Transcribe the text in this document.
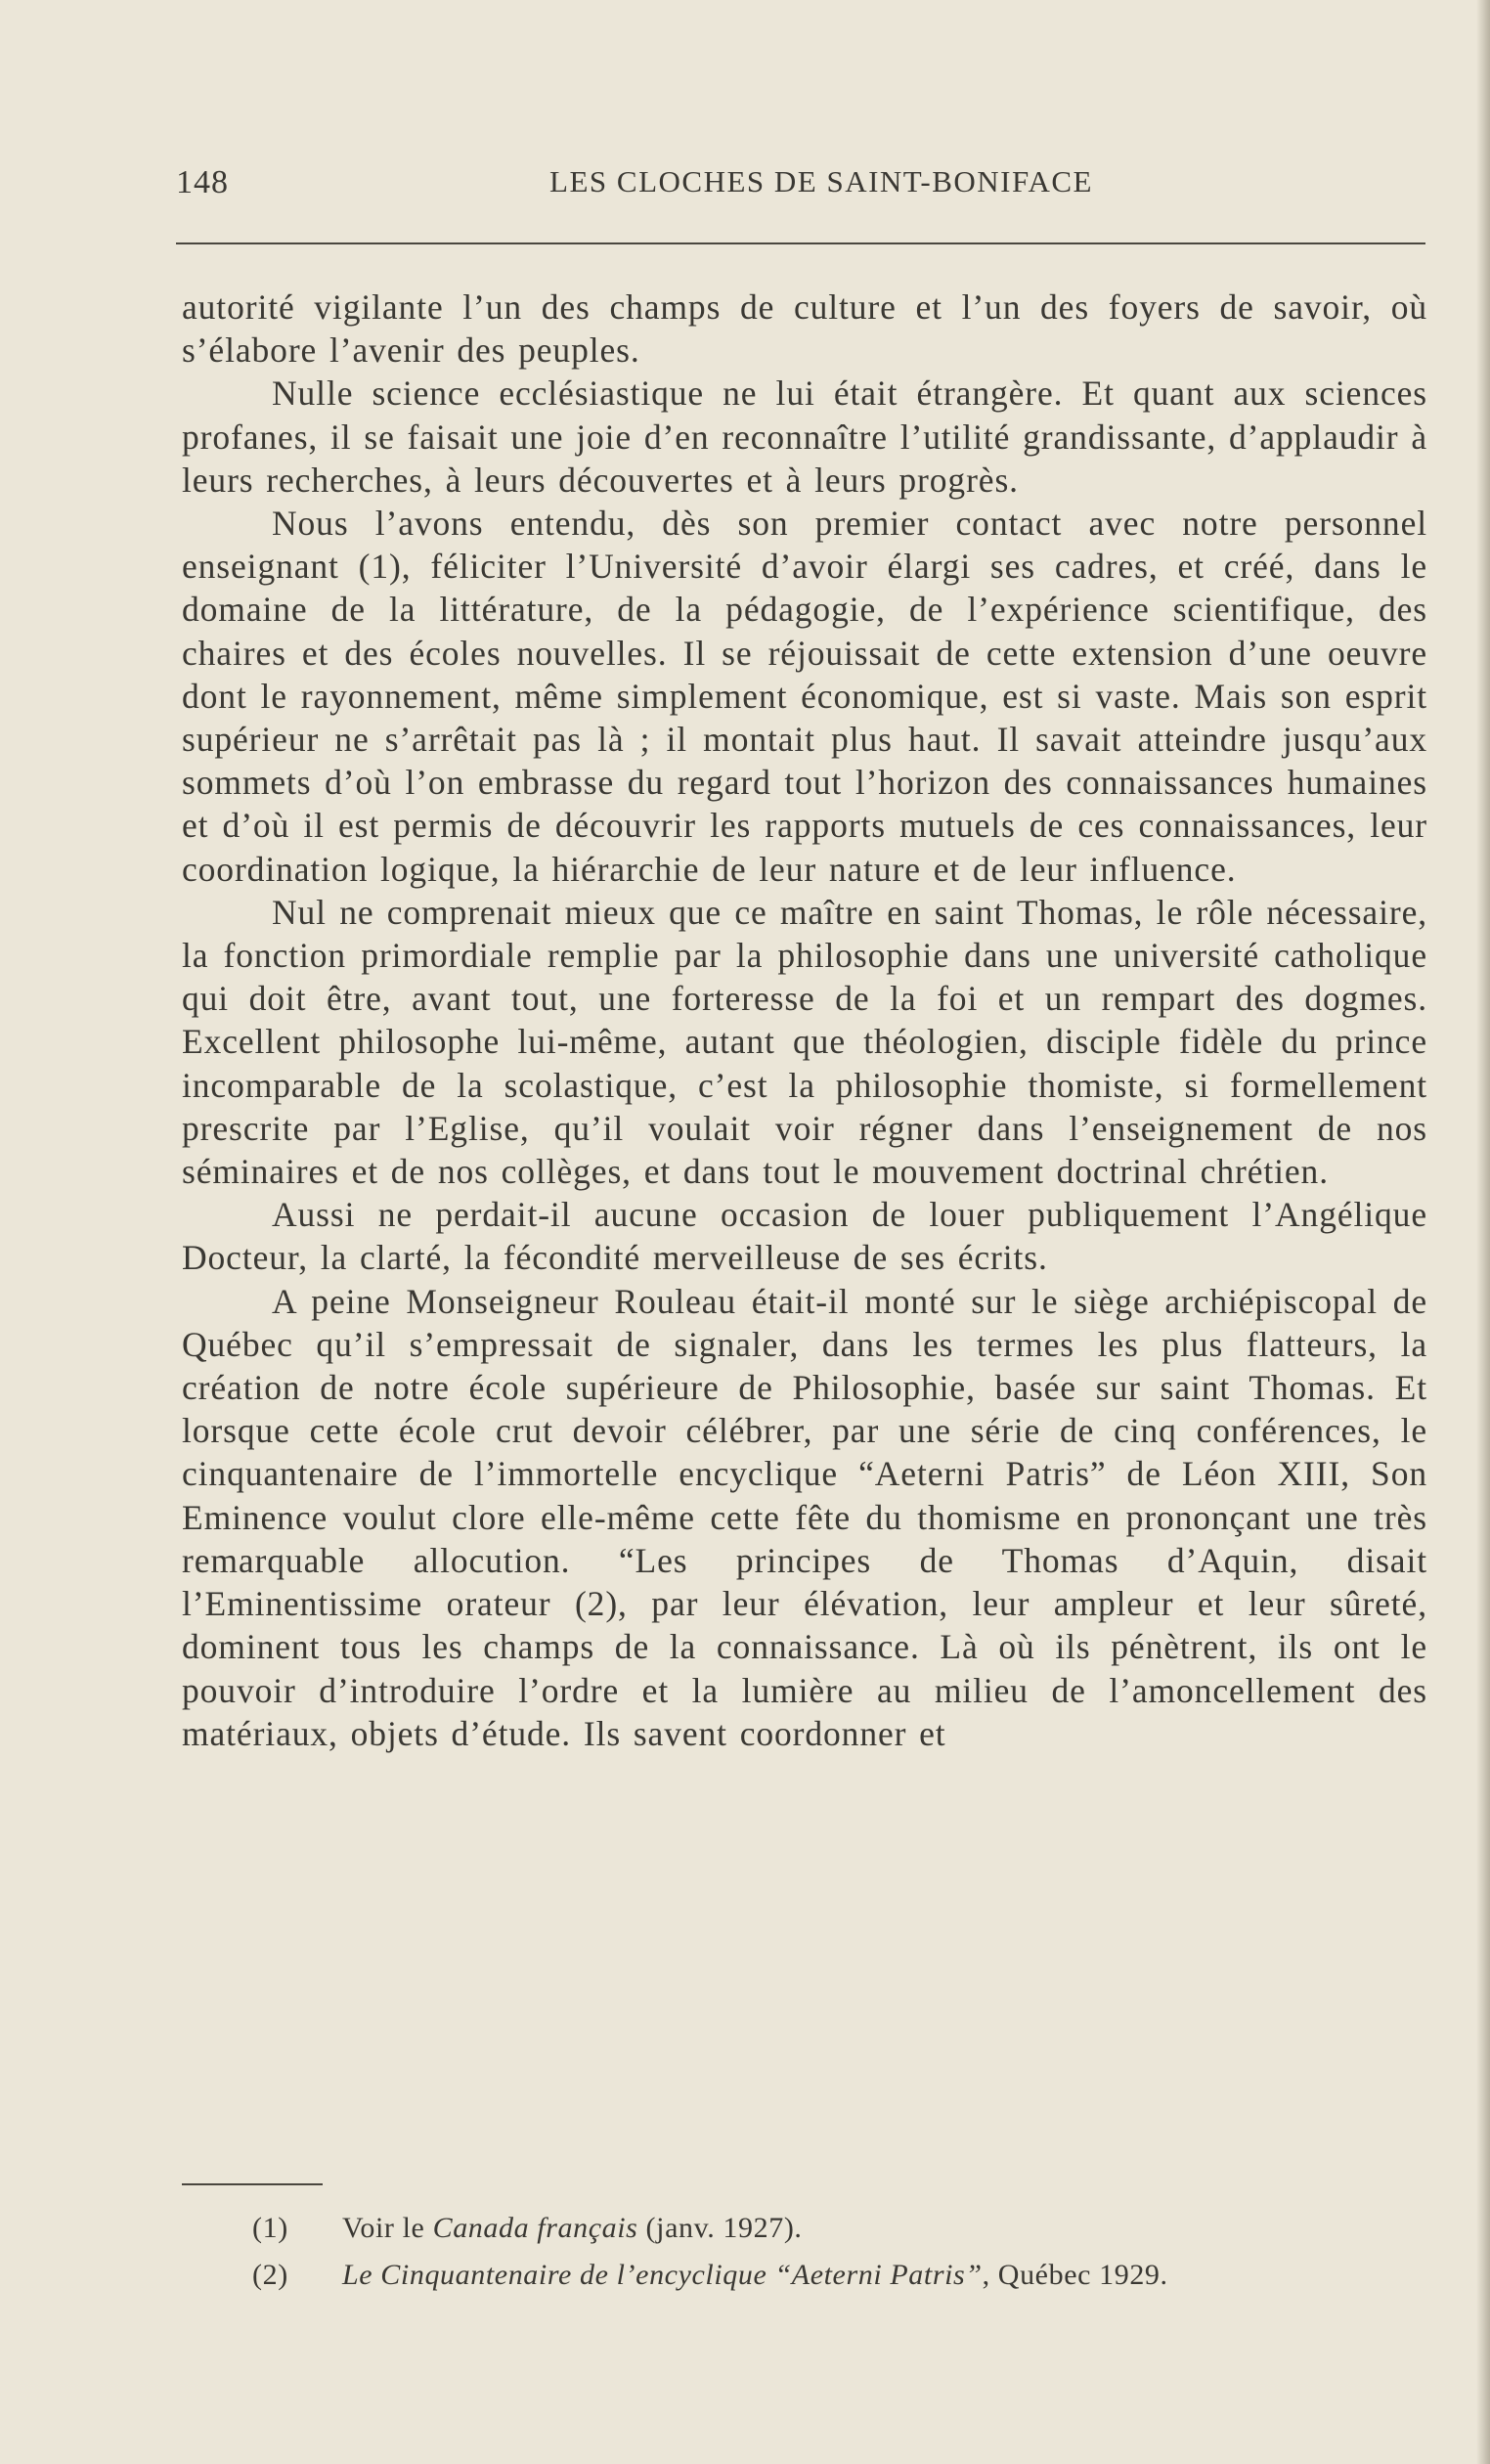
148	LES CLOCHES DE SAINT-BONIFACE

autorité vigilante l’un des champs de culture et l’un des foyers de savoir, où s’élabore l’avenir des peuples.

Nulle science ecclésiastique ne lui était étrangère. Et quant aux sciences profanes, il se faisait une joie d’en reconnaître l’utilité grandissante, d’applaudir à leurs recherches, à leurs découvertes et à leurs progrès.

Nous l’avons entendu, dès son premier contact avec notre personnel enseignant (1), féliciter l’Université d’avoir élargi ses cadres, et créé, dans le domaine de la littérature, de la pédagogie, de l’expérience scientifique, des chaires et des écoles nouvelles. Il se réjouissait de cette extension d’une oeuvre dont le rayonnement, même simplement économique, est si vaste. Mais son esprit supérieur ne s’arrêtait pas là ; il montait plus haut. Il savait atteindre jusqu’aux sommets d’où l’on embrasse du regard tout l’horizon des connaissances humaines et d’où il est permis de découvrir les rapports mutuels de ces connaissances, leur coordination logique, la hiérarchie de leur nature et de leur influence.

Nul ne comprenait mieux que ce maître en saint Thomas, le rôle nécessaire, la fonction primordiale remplie par la philosophie dans une université catholique qui doit être, avant tout, une forteresse de la foi et un rempart des dogmes. Excellent philosophe lui-même, autant que théologien, disciple fidèle du prince incomparable de la scolastique, c’est la philosophie thomiste, si formellement prescrite par l’Eglise, qu’il voulait voir régner dans l’enseignement de nos séminaires et de nos collèges, et dans tout le mouvement doctrinal chrétien.

Aussi ne perdait-il aucune occasion de louer publiquement l’Angélique Docteur, la clarté, la fécondité merveilleuse de ses écrits.

A peine Monseigneur Rouleau était-il monté sur le siège archiépiscopal de Québec qu’il s’empressait de signaler, dans les termes les plus flatteurs, la création de notre école supérieure de Philosophie, basée sur saint Thomas. Et lorsque cette école crut devoir célébrer, par une série de cinq conférences, le cinquantenaire de l’immortelle encyclique “Aeterni Patris” de Léon XIII, Son Eminence voulut clore elle-même cette fête du thomisme en prononçant une très remarquable allocution. “Les principes de Thomas d’Aquin, disait l’Eminentissime orateur (2), par leur élévation, leur ampleur et leur sûreté, dominent tous les champs de la connaissance. Là où ils pénètrent, ils ont le pouvoir d’introduire l’ordre et la lumière au milieu de l’amoncellement des matériaux, objets d’étude. Ils savent coordonner et

(1) Voir le Canada français (janv. 1927).
(2) Le Cinquantenaire de l’encyclique “Aeterni Patris”, Québec 1929.
